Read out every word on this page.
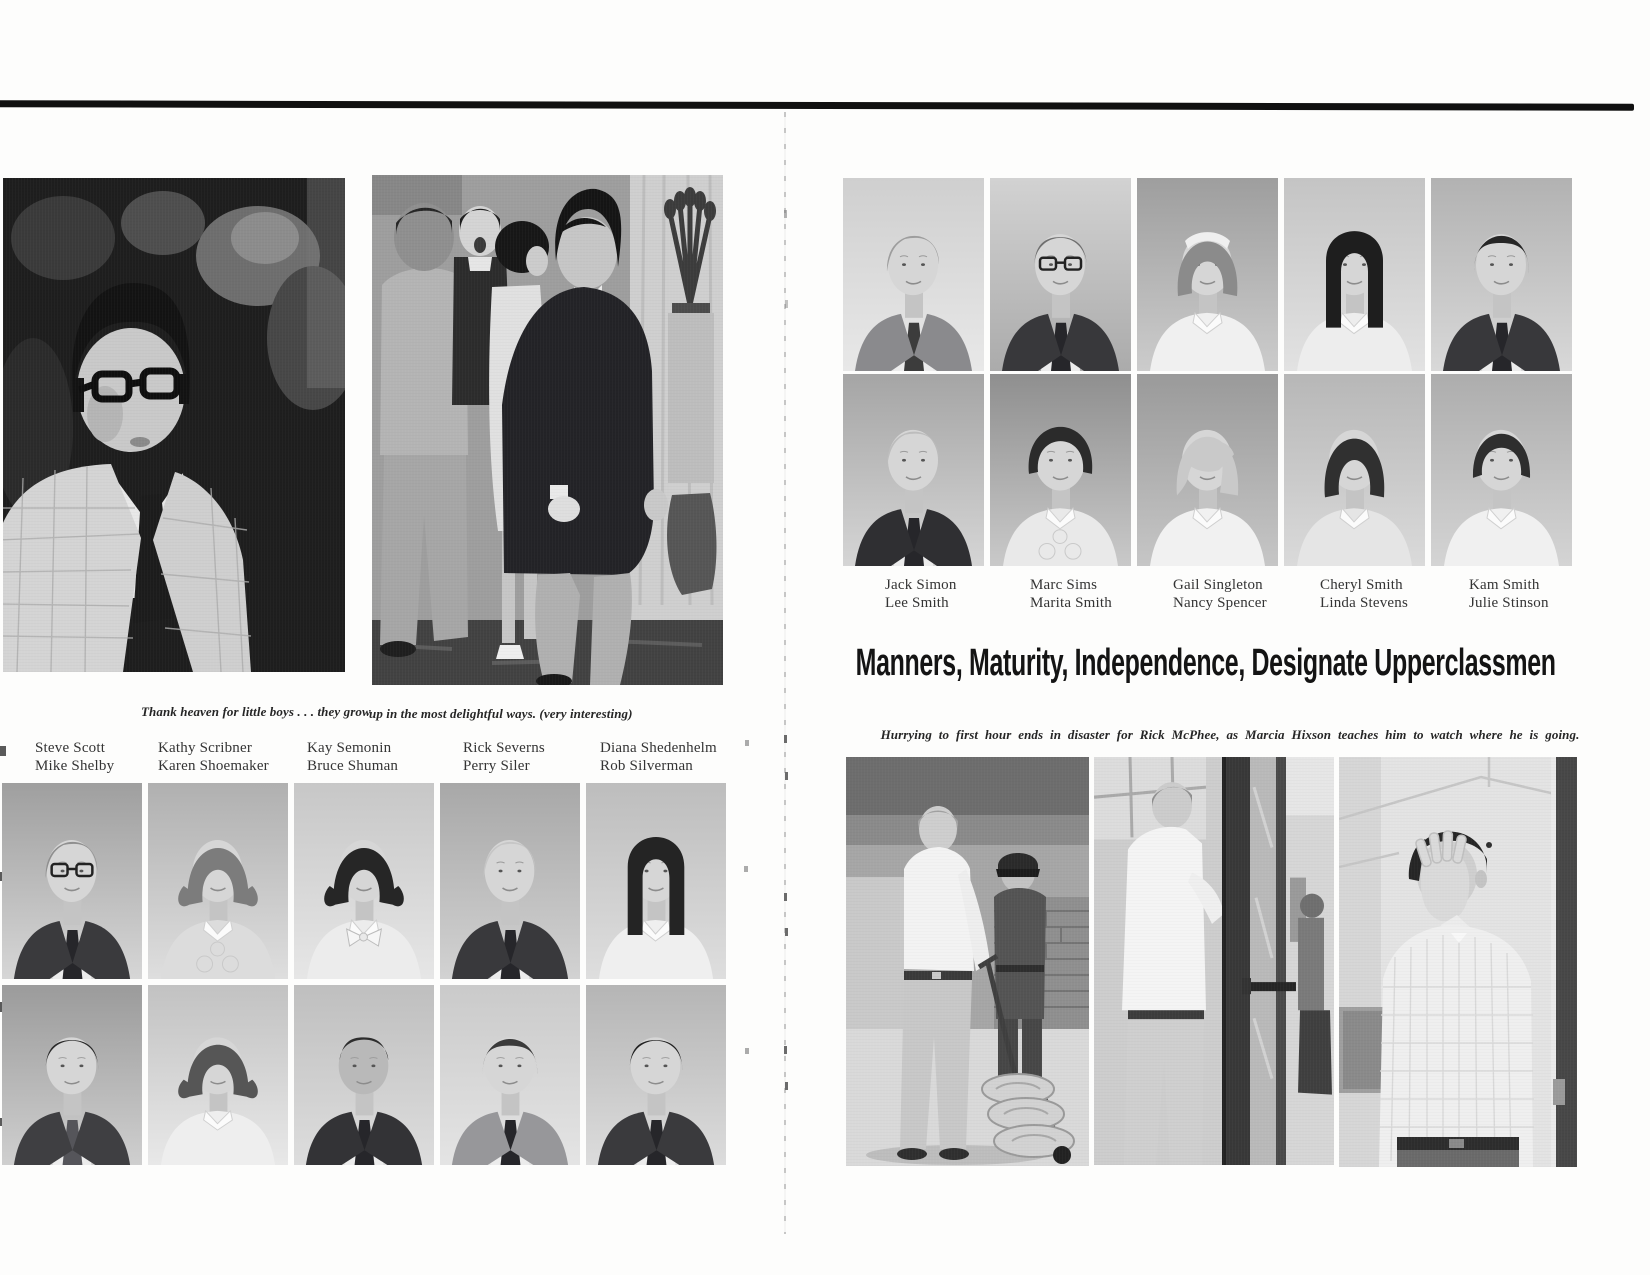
Thank heaven for little boys . . . they grow
up in the most delightful ways. (very interesting)
Steve Scott
Mike Shelby
Kathy Scribner
Karen Shoemaker
Kay Semonin
Bruce Shuman
Rick Severns
Perry Siler
Diana Shedenhelm
Rob Silverman
Jack Simon
Lee Smith
Marc Sims
Marita Smith
Gail Singleton
Nancy Spencer
Cheryl Smith
Linda Stevens
Kam Smith
Julie Stinson
Manners, Maturity, Independence, Designate Upperclassmen
Hurrying to first hour ends in disaster for Rick McPhee, as Marcia Hixson teaches him to watch where he is going.
